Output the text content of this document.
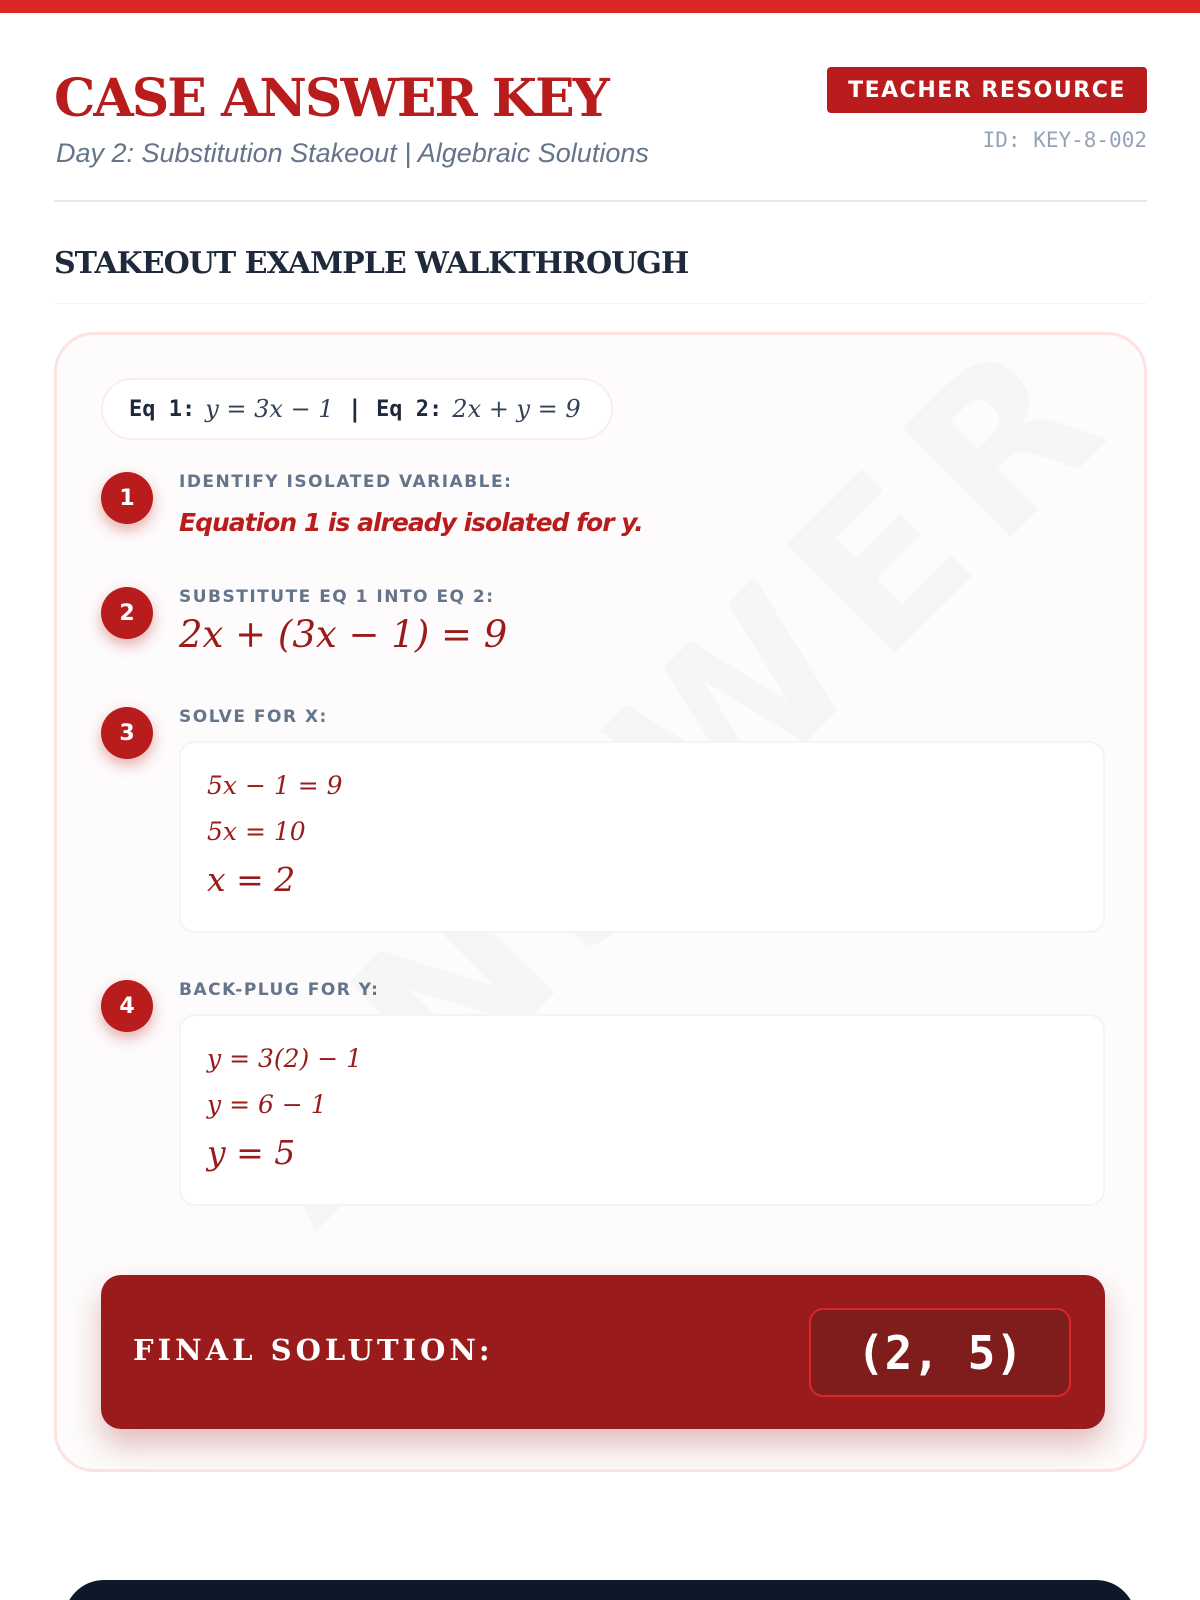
CASE ANSWER KEY
Day 2: Substitution Stakeout | Algebraic Solutions
TEACHER RESOURCE
ID: KEY-8-002
STAKEOUT EXAMPLE WALKTHROUGH
Eq 1: y = 3x − 1 | Eq 2: 2x + y = 9
1
IDENTIFY ISOLATED VARIABLE:
Equation 1 is already isolated for y.
2
SUBSTITUTE EQ 1 INTO EQ 2:
2x + (3x − 1) = 9
3
SOLVE FOR X:
5x − 1 = 9
5x = 10
x = 2
4
BACK-PLUG FOR Y:
y = 3(2) − 1
y = 6 − 1
y = 5
FINAL SOLUTION:	(2, 5)
